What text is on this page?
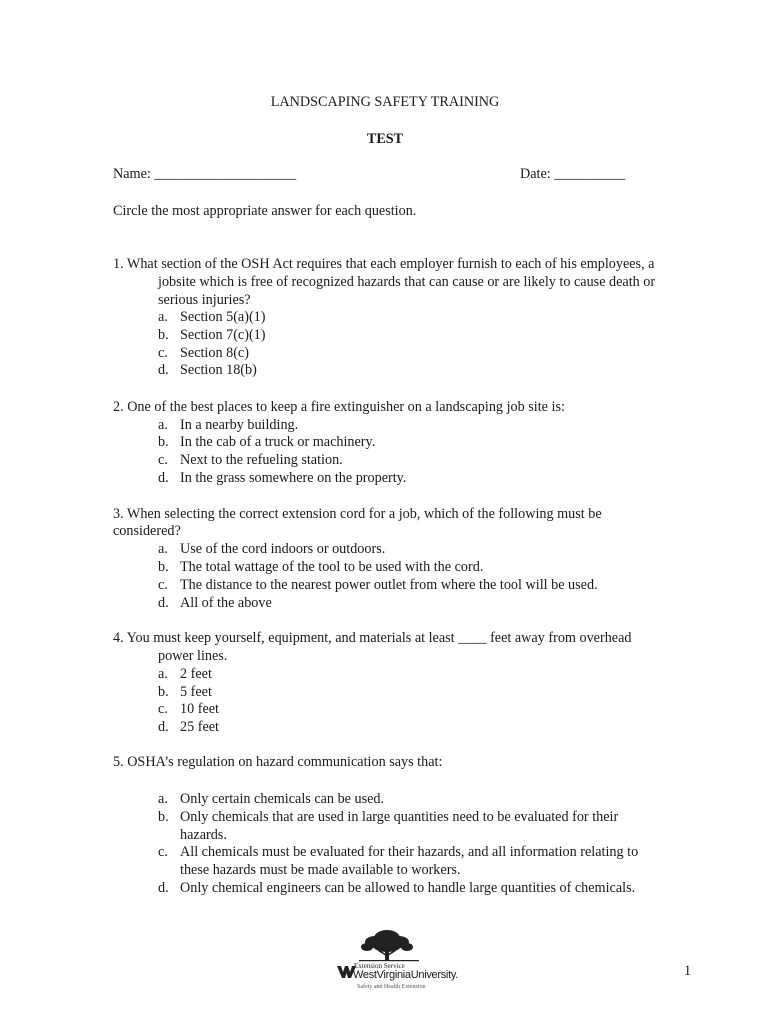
LANDSCAPING SAFETY TRAINING
TEST
Name: ____________________	Date: __________
Circle the most appropriate answer for each question.
1. What section of the OSH Act requires that each employer furnish to each of his employees, a
jobsite which is free of recognized hazards that can cause or are likely to cause death or
serious injuries?
a. Section 5(a)(1)
b. Section 7(c)(1)
c. Section 8(c)
d. Section 18(b)
2. One of the best places to keep a fire extinguisher on a landscaping job site is:
a. In a nearby building.
b. In the cab of a truck or machinery.
c. Next to the refueling station.
d. In the grass somewhere on the property.
3. When selecting the correct extension cord for a job, which of the following must be
considered?
a. Use of the cord indoors or outdoors.
b. The total wattage of the tool to be used with the cord.
c. The distance to the nearest power outlet from where the tool will be used.
d. All of the above
4. You must keep yourself, equipment, and materials at least ____ feet away from overhead
power lines.
a. 2 feet
b. 5 feet
c. 10 feet
d. 25 feet
5. OSHA’s regulation on hazard communication says that:
a. Only certain chemicals can be used.
b. Only chemicals that are used in large quantities need to be evaluated for their
hazards.
c. All chemicals must be evaluated for their hazards, and all information relating to
these hazards must be made available to workers.
d. Only chemical engineers can be allowed to handle large quantities of chemicals.
Extension Service
WestVirginiaUniversity.
Safety and Health Extension
1
